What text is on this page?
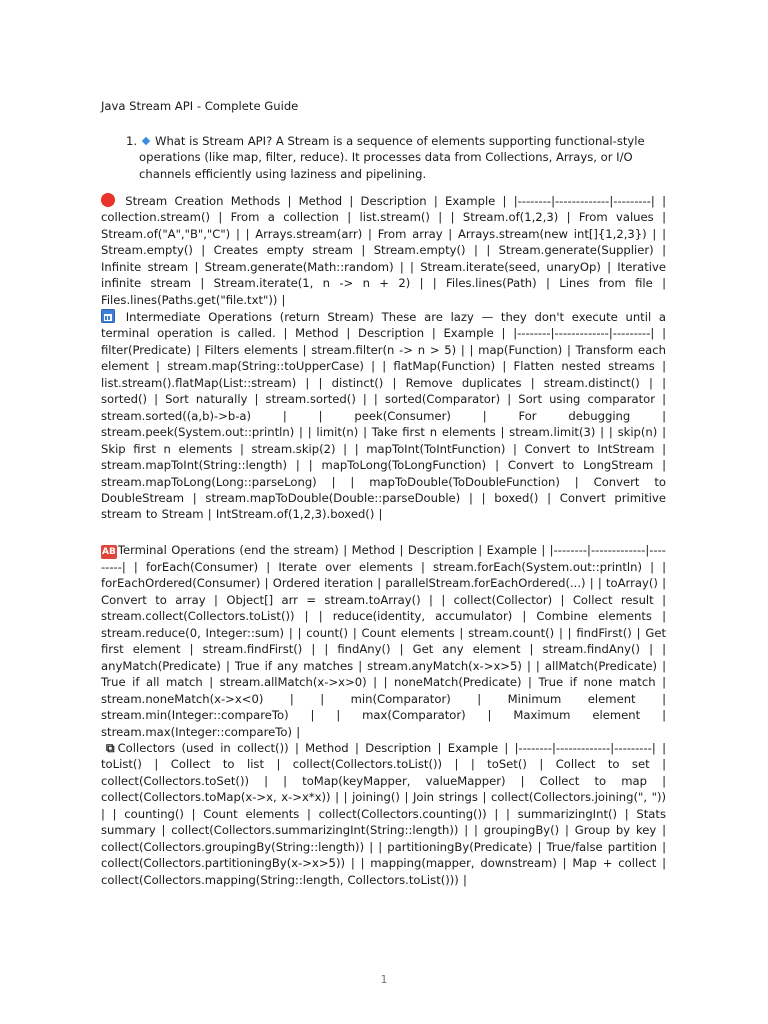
Java Stream API - Complete Guide
1.	What is Stream API? A Stream is a sequence of elements supporting functional-style operations (like map, filter, reduce). It processes data from Collections, Arrays, or I/O channels efficiently using laziness and pipelining.
Stream Creation Methods | Method | Description | Example | |--------|-------------|---------| | collection.stream() | From a collection | list.stream() | | Stream.of(1,2,3) | From values | Stream.of("A","B","C") | | Arrays.stream(arr) | From array | Arrays.stream(new int[]{1,2,3}) | | Stream.empty() | Creates empty stream | Stream.empty() | | Stream.generate(Supplier) | Infinite stream | Stream.generate(Math::random) | | Stream.iterate(seed, unaryOp) | Iterative infinite stream | Stream.iterate(1, n -> n + 2) | | Files.lines(Path) | Lines from file | Files.lines(Paths.get("file.txt")) |
Intermediate Operations (return Stream) These are lazy — they don't execute until a terminal operation is called. | Method | Description | Example | |--------|-------------|---------| | filter(Predicate) | Filters elements | stream.filter(n -> n > 5) | | map(Function) | Transform each element | stream.map(String::toUpperCase) | | flatMap(Function) | Flatten nested streams | list.stream().flatMap(List::stream) | | distinct() | Remove duplicates | stream.distinct() | | sorted() | Sort naturally | stream.sorted() | | sorted(Comparator) | Sort using comparator | stream.sorted((a,b)->b-a) | | peek(Consumer) | For debugging | stream.peek(System.out::println) | | limit(n) | Take first n elements | stream.limit(3) | | skip(n) | Skip first n elements | stream.skip(2) | | mapToInt(ToIntFunction) | Convert to IntStream | stream.mapToInt(String::length) | | mapToLong(ToLongFunction) | Convert to LongStream | stream.mapToLong(Long::parseLong) | | mapToDouble(ToDoubleFunction) | Convert to DoubleStream | stream.mapToDouble(Double::parseDouble) | | boxed() | Convert primitive stream to Stream | IntStream.of(1,2,3).boxed() |
AB Terminal Operations (end the stream) | Method | Description | Example | |--------|-------------|---------| | forEach(Consumer) | Iterate over elements | stream.forEach(System.out::println) | | forEachOrdered(Consumer) | Ordered iteration | parallelStream.forEachOrdered(...) | | toArray() | Convert to array | Object[] arr = stream.toArray() | | collect(Collector) | Collect result | stream.collect(Collectors.toList()) | | reduce(identity, accumulator) | Combine elements | stream.reduce(0, Integer::sum) | | count() | Count elements | stream.count() | | findFirst() | Get first element | stream.findFirst() | | findAny() | Get any element | stream.findAny() | | anyMatch(Predicate) | True if any matches | stream.anyMatch(x->x>5) | | allMatch(Predicate) | True if all match | stream.allMatch(x->x>0) | | noneMatch(Predicate) | True if none match | stream.noneMatch(x->x<0) | | min(Comparator) | Minimum element | stream.min(Integer::compareTo) | | max(Comparator) | Maximum element | stream.max(Integer::compareTo) |
⧉ Collectors (used in collect()) | Method | Description | Example | |--------|-------------|---------| | toList() | Collect to list | collect(Collectors.toList()) | | toSet() | Collect to set | collect(Collectors.toSet()) | | toMap(keyMapper, valueMapper) | Collect to map | collect(Collectors.toMap(x->x, x->x*x)) | | joining() | Join strings | collect(Collectors.joining(", ")) | | counting() | Count elements | collect(Collectors.counting()) | | summarizingInt() | Stats summary | collect(Collectors.summarizingInt(String::length)) | | groupingBy() | Group by key | collect(Collectors.groupingBy(String::length)) | | partitioningBy(Predicate) | True/false partition | collect(Collectors.partitioningBy(x->x>5)) | | mapping(mapper, downstream) | Map + collect | collect(Collectors.mapping(String::length, Collectors.toList())) |
1
